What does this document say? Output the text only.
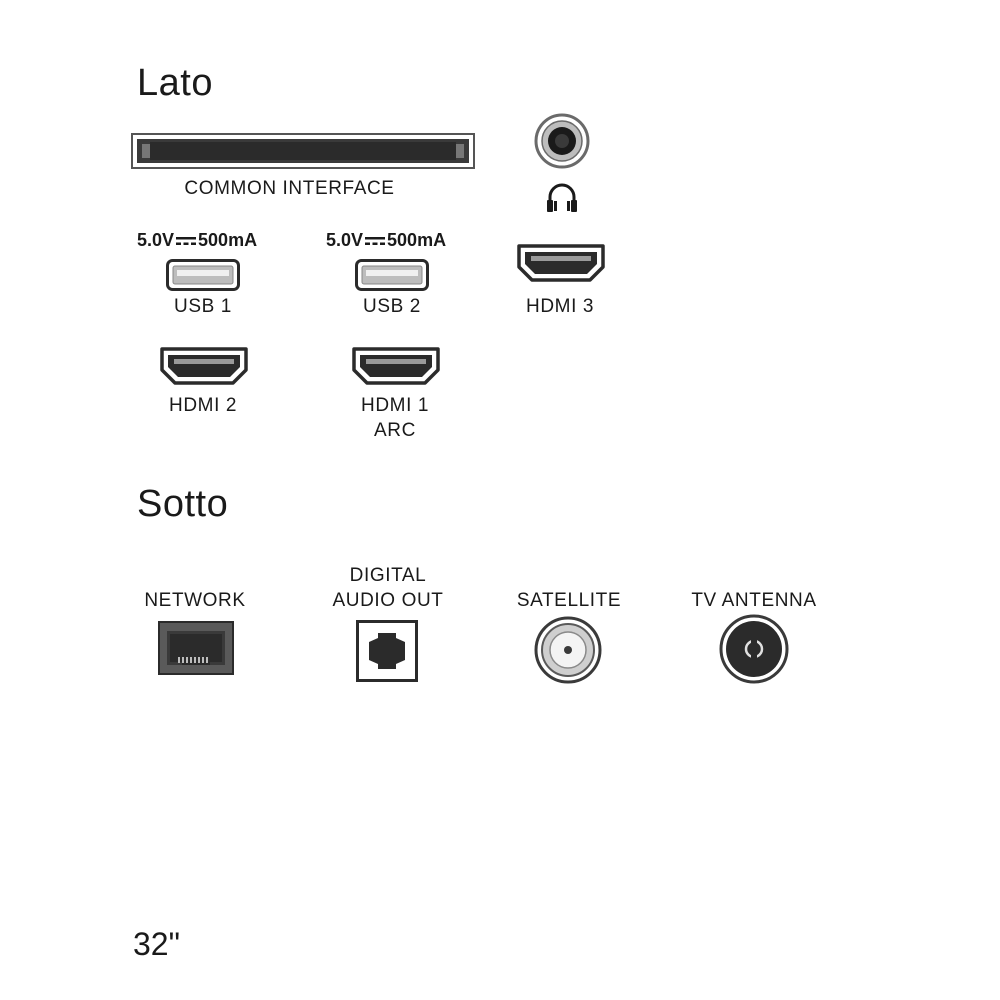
Lato
COMMON INTERFACE
5.0V 500mA
USB 1
5.0V 500mA
USB 2	HDMI 3
HDMI 2	HDMI 1
ARC
Sotto
NETWORK
DIGITAL
AUDIO OUT	SATELLITE	TV ANTENNA
32"
